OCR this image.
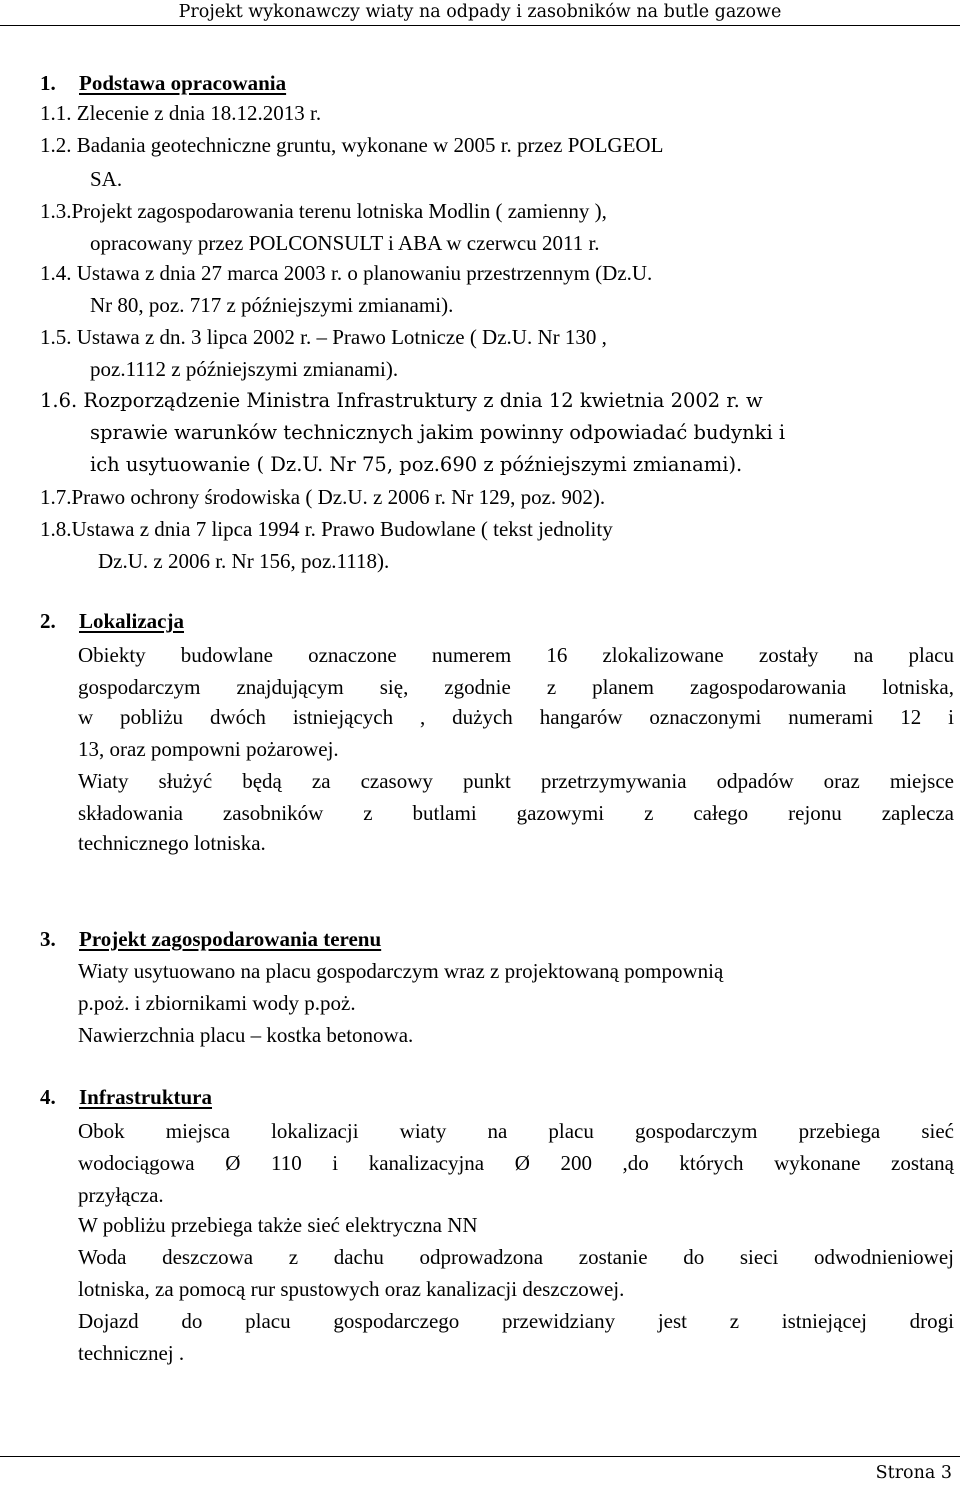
Projekt wykonawczy wiaty na odpady i zasobników na butle gazowe
1. Podstawa opracowania
1.1. Zlecenie z dnia 18.12.2013 r.
1.2. Badania geotechniczne gruntu, wykonane w 2005 r. przez POLGEOL
SA.
1.3.Projekt zagospodarowania terenu lotniska Modlin ( zamienny ),
opracowany przez POLCONSULT i ABA w czerwcu 2011 r.
1.4. Ustawa z dnia 27 marca 2003 r. o planowaniu przestrzennym (Dz.U.
Nr 80, poz. 717 z późniejszymi zmianami).
1.5. Ustawa z dn. 3 lipca 2002 r. – Prawo Lotnicze ( Dz.U. Nr 130 ,
poz.1112 z późniejszymi zmianami).
1.6. Rozporządzenie Ministra Infrastruktury z dnia 12 kwietnia 2002 r. w
sprawie warunków technicznych jakim powinny odpowiadać budynki i
ich usytuowanie ( Dz.U. Nr 75, poz.690 z późniejszymi zmianami).
1.7.Prawo ochrony środowiska ( Dz.U. z 2006 r. Nr 129, poz. 902).
1.8.Ustawa z dnia 7 lipca 1994 r. Prawo Budowlane ( tekst jednolity
Dz.U. z 2006 r. Nr 156, poz.1118).
2. Lokalizacja
Obiekty budowlane oznaczone numerem 16 zlokalizowane zostały na placu
gospodarczym znajdującym się, zgodnie z planem zagospodarowania lotniska,
w pobliżu dwóch istniejących , dużych hangarów oznaczonymi numerami 12 i
13, oraz pompowni pożarowej.
Wiaty służyć będą za czasowy punkt przetrzymywania odpadów oraz miejsce
składowania zasobników z butlami gazowymi z całego rejonu zaplecza
technicznego lotniska.
3. Projekt zagospodarowania terenu
Wiaty usytuowano na placu gospodarczym wraz z projektowaną pompownią
p.poż. i zbiornikami wody p.poż.
Nawierzchnia placu – kostka betonowa.
4. Infrastruktura
Obok miejsca lokalizacji wiaty na placu gospodarczym przebiega sieć
wodociągowa Ø 110 i kanalizacyjna Ø 200 ,do których wykonane zostaną
przyłącza.
W pobliżu przebiega także sieć elektryczna NN
Woda deszczowa z dachu odprowadzona zostanie do sieci odwodnieniowej
lotniska, za pomocą rur spustowych oraz kanalizacji deszczowej.
Dojazd do placu gospodarczego przewidziany jest z istniejącej drogi
technicznej .
Strona 3
